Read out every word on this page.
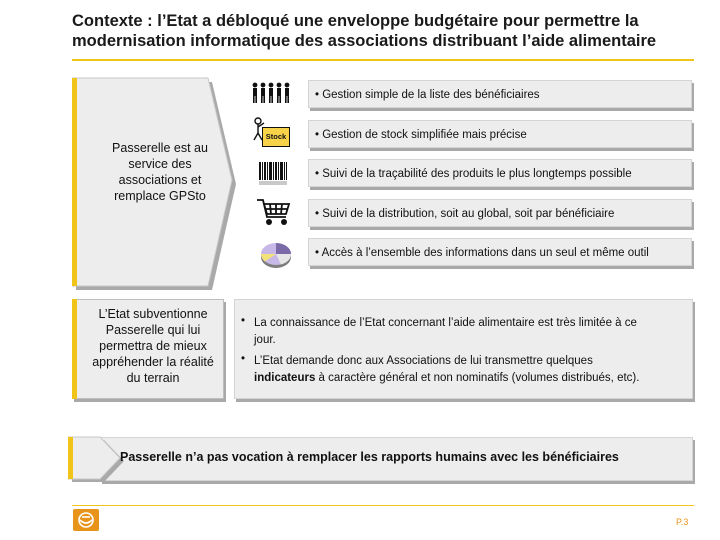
Contexte : l’Etat a débloqué une enveloppe budgétaire pour permettre la
modernisation informatique des associations distribuant l’aide alimentaire
Passerelle est au
service des
associations et
remplace GPSto
Stock
• Gestion simple de la liste des bénéficiaires
• Gestion de stock simplifiée mais précise
• Suivi de la traçabilité des produits le plus longtemps possible
• Suivi de la distribution, soit au global, soit par bénéficiaire
• Accès à l’ensemble des informations dans un seul et même outil
L’Etat subventionne
Passerelle qui lui
permettra de mieux
appréhender la réalité
du terrain
• La connaissance de l’Etat concernant l’aide alimentaire est très limitée à ce
jour.
• L’Etat demande donc aux Associations de lui transmettre quelques
indicateurs à caractère général et non nominatifs (volumes distribués, etc).
Passerelle n’a pas vocation à remplacer les rapports humains avec les bénéficiaires
P.3
